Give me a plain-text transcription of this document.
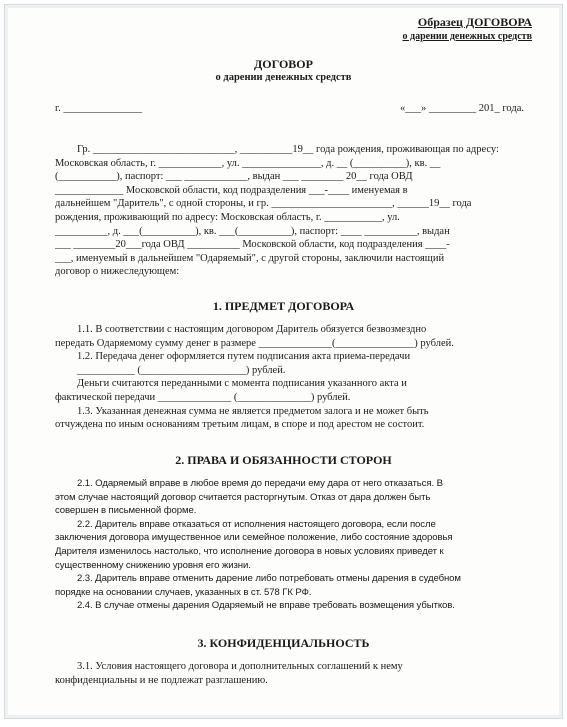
Образец ДОГОВОРА
о дарении денежных средств
ДОГОВОР
о дарении денежных средств
г. _______________	«___» _________ 201_ года.

Гр. ___________________________, __________19__ года рождения, проживающая по адресу:

Московская область, г. ____________, ул. _______________, д. __ (__________), кв. __

(___________), паспорт: ___ ____________, выдан ___ ________ 20__ года ОВД

_____________ Московской области, код подразделения ___-____ именуемая в

дальнейшем "Даритель", с одной стороны, и гр. _______________________, ______19__ года

рождения, проживающий по адресу: Московская область, г. ___________, ул.

__________, д. ___(__________), кв. ___(__________), паспорт: ____ __________, выдан

___ ________20___года ОВД __________ Московской области, код подразделения ____-

___, именуемый в дальнейшем "Одаряемый", с другой стороны, заключили настоящий

договор о нижеследующем:

1. ПРЕДМЕТ ДОГОВОРА

1.1. В соответствии с настоящим договором Даритель обязуется безвозмездно

передать Одаряемому сумму денег в размере ______________(_______________) рублей.

1.2. Передача денег оформляется путем подписания акта приема-передачи

___________ (____________________) рублей.

Деньги считаются переданными с момента подписания указанного акта и

фактической передачи ______________ (______________) рублей.

1.3. Указанная денежная сумма не является предметом залога и не может быть

отчуждена по иным основаниям третьим лицам, в споре и под арестом не состоит.

2. ПРАВА И ОБЯЗАННОСТИ СТОРОН

2.1. Одаряемый вправе в любое время до передачи ему дара от него отказаться. В

этом случае настоящий договор считается расторгнутым. Отказ от дара должен быть

совершен в письменной форме.

2.2. Даритель вправе отказаться от исполнения настоящего договора, если после

заключения договора имущественное или семейное положение, либо состояние здоровья

Дарителя изменилось настолько, что исполнение договора в новых условиях приведет к

существенному снижению уровня его жизни.

2.3. Даритель вправе отменить дарение либо потребовать отмены дарения в судебном

порядке на основании случаев, указанных в ст. 578 ГК РФ.

2.4. В случае отмены дарения Одаряемый не вправе требовать возмещения убытков.

3. КОНФИДЕНЦИАЛЬНОСТЬ

3.1. Условия настоящего договора и дополнительных соглашений к нему

конфиденциальны и не подлежат разглашению.
